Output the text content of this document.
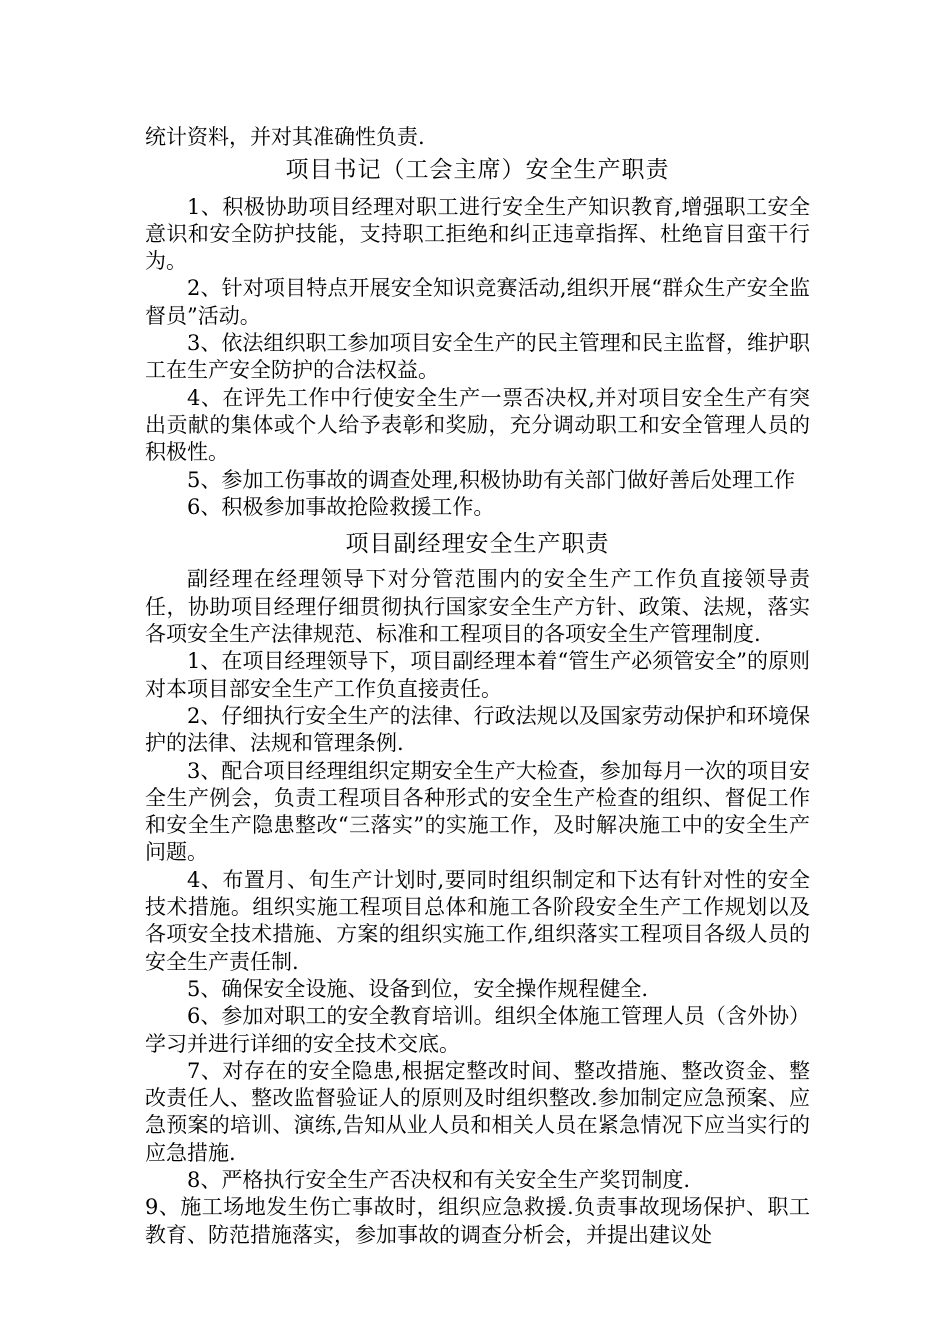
统计资料，并对其准确性负责.

项目书记（工会主席）安全生产职责

1、积极协助项目经理对职工进行安全生产知识教育,增强职工安全意识和安全防护技能，支持职工拒绝和纠正违章指挥、杜绝盲目蛮干行为。

2、针对项目特点开展安全知识竞赛活动,组织开展“群众生产安全监督员”活动。

3、依法组织职工参加项目安全生产的民主管理和民主监督，维护职工在生产安全防护的合法权益。

4、在评先工作中行使安全生产一票否决权,并对项目安全生产有突出贡献的集体或个人给予表彰和奖励，充分调动职工和安全管理人员的积极性。

5、参加工伤事故的调查处理,积极协助有关部门做好善后处理工作

6、积极参加事故抢险救援工作。

项目副经理安全生产职责

副经理在经理领导下对分管范围内的安全生产工作负直接领导责任，协助项目经理仔细贯彻执行国家安全生产方针、政策、法规，落实各项安全生产法律规范、标准和工程项目的各项安全生产管理制度.

1、在项目经理领导下，项目副经理本着“管生产必须管安全”的原则对本项目部安全生产工作负直接责任。

2、仔细执行安全生产的法律、行政法规以及国家劳动保护和环境保护的法律、法规和管理条例.

3、配合项目经理组织定期安全生产大检查，参加每月一次的项目安全生产例会，负责工程项目各种形式的安全生产检查的组织、督促工作和安全生产隐患整改“三落实”的实施工作，及时解决施工中的安全生产问题。

4、布置月、旬生产计划时,要同时组织制定和下达有针对性的安全技术措施。组织实施工程项目总体和施工各阶段安全生产工作规划以及各项安全技术措施、方案的组织实施工作,组织落实工程项目各级人员的安全生产责任制.

5、确保安全设施、设备到位，安全操作规程健全.

6、参加对职工的安全教育培训。组织全体施工管理人员（含外协）学习并进行详细的安全技术交底。

7、对存在的安全隐患,根据定整改时间、整改措施、整改资金、整改责任人、整改监督验证人的原则及时组织整改.参加制定应急预案、应急预案的培训、演练,告知从业人员和相关人员在紧急情况下应当实行的应急措施.

8、严格执行安全生产否决权和有关安全生产奖罚制度.

9、施工场地发生伤亡事故时，组织应急救援.负责事故现场保护、职工教育、防范措施落实，参加事故的调查分析会，并提出建议处
